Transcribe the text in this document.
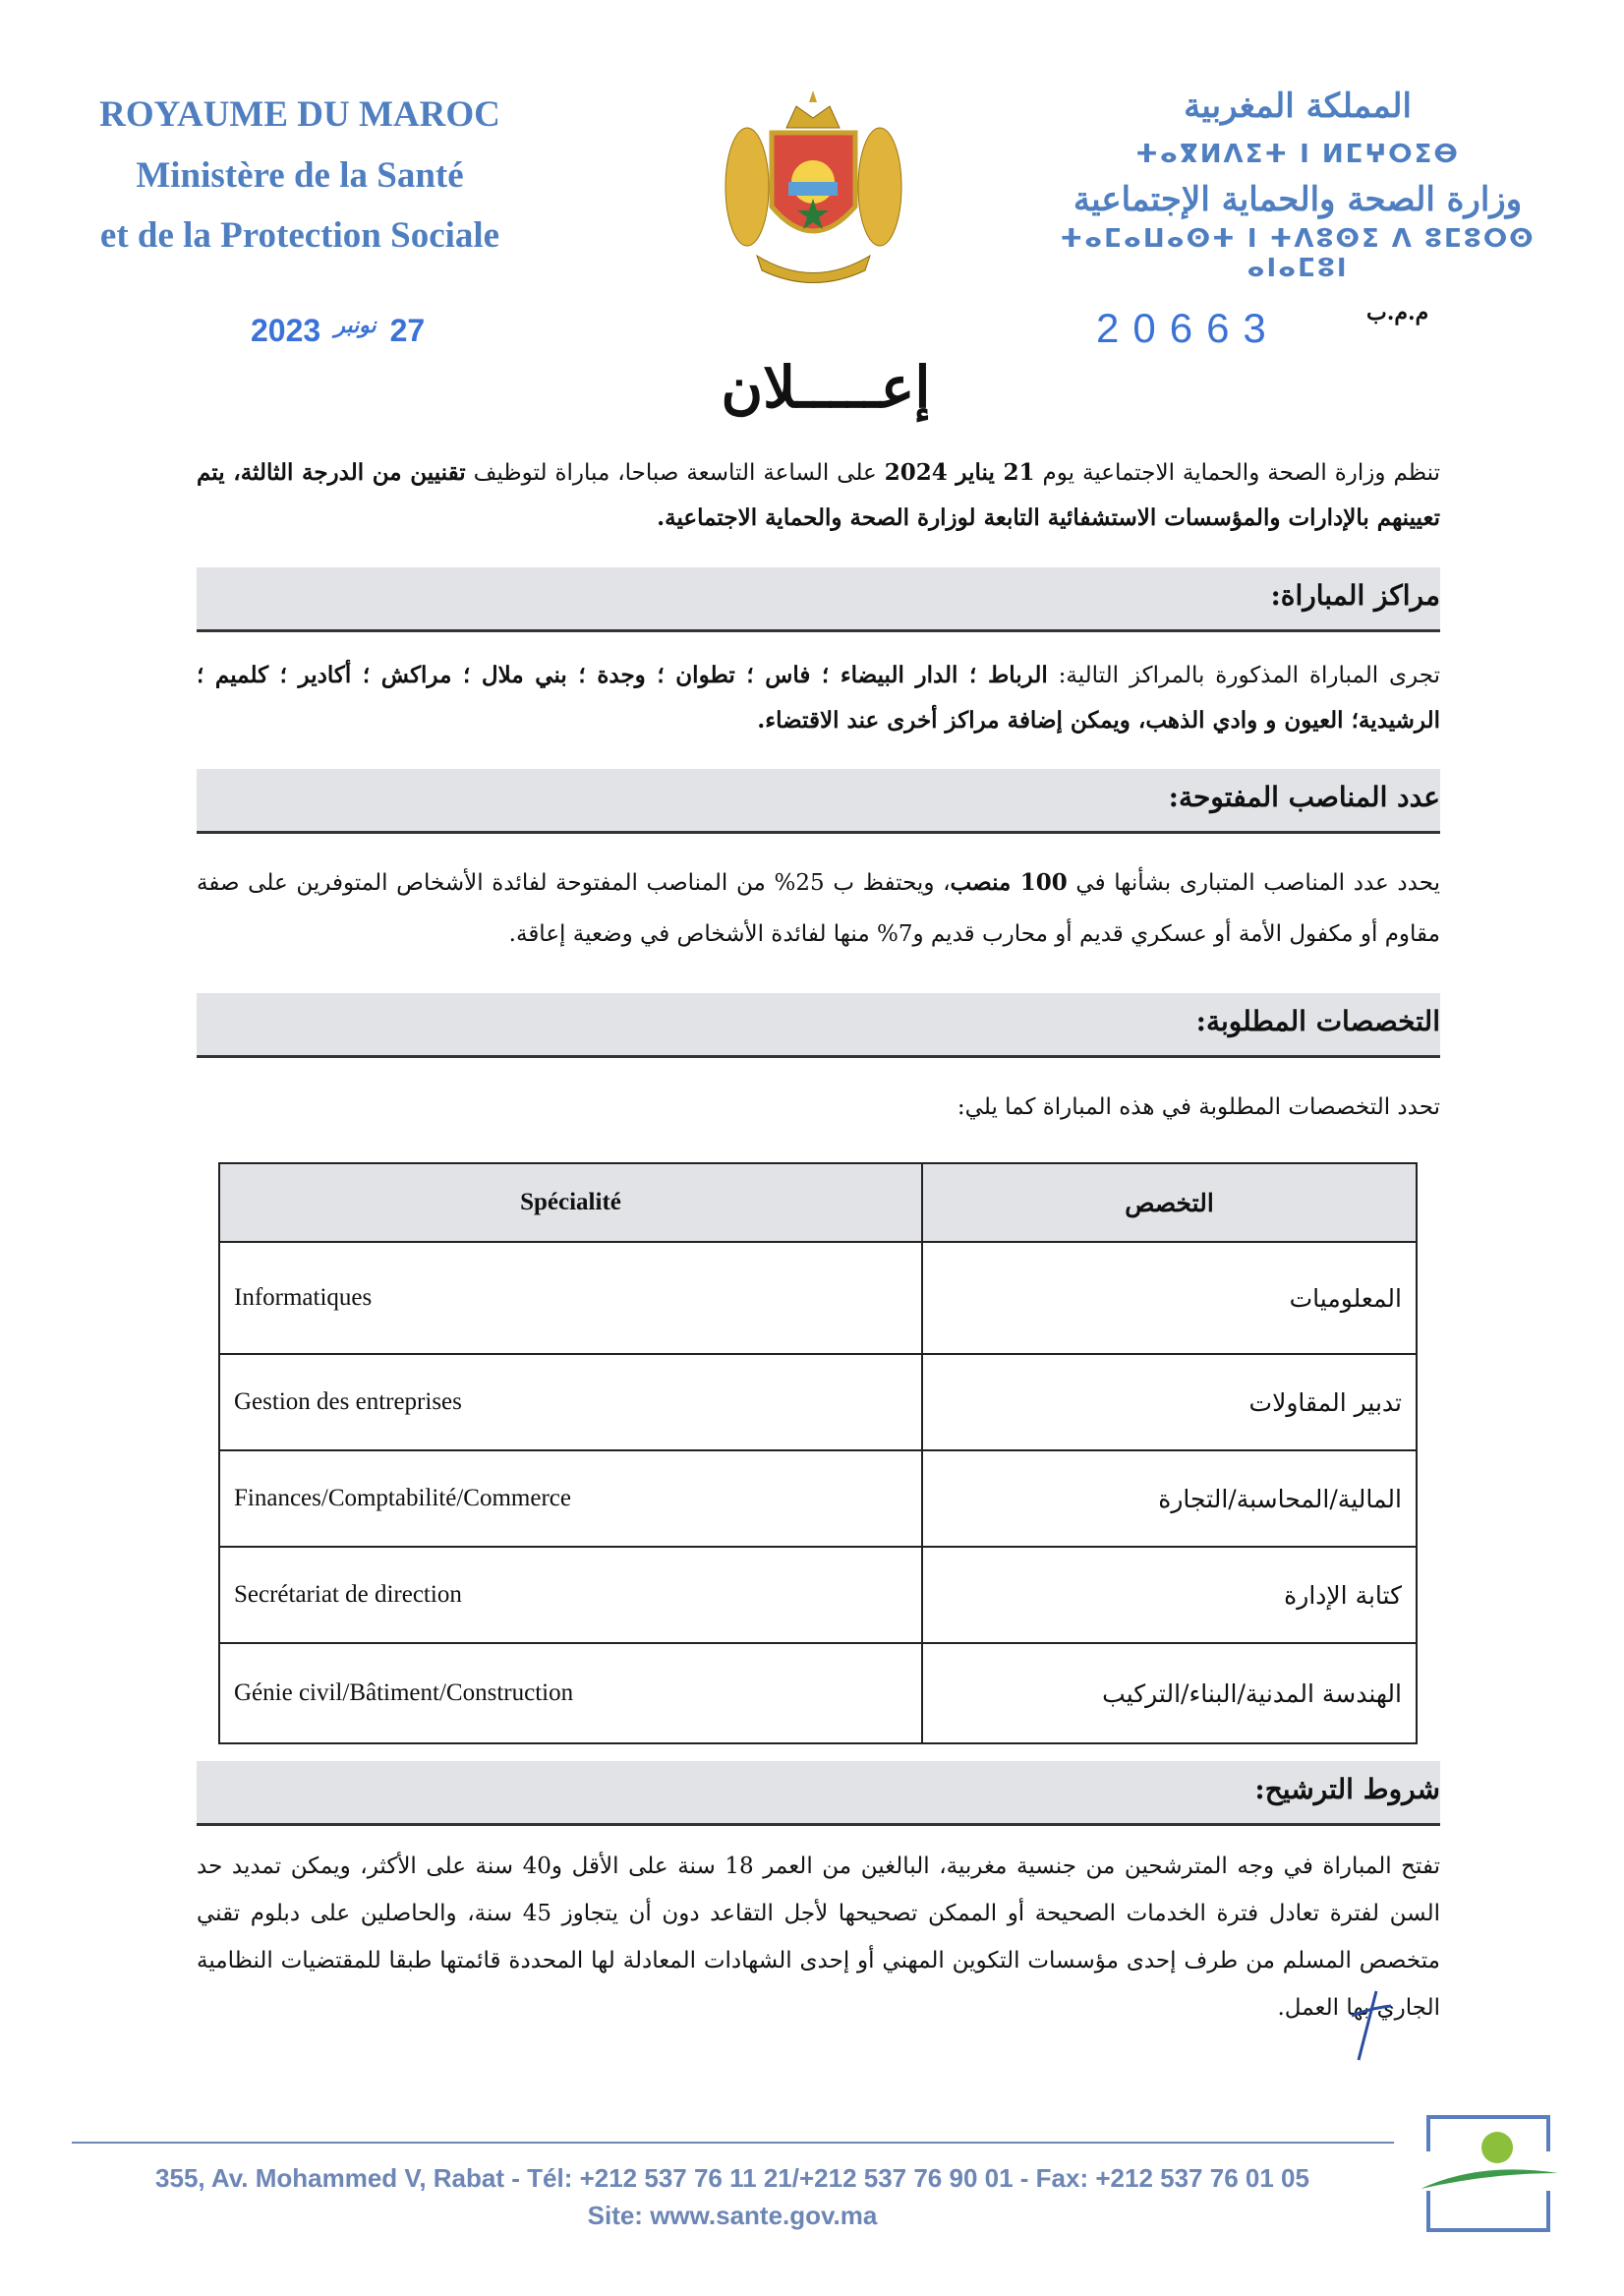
ROYAUME DU MAROC
Ministère de la Santé
et de la Protection Sociale
المملكة المغربية
ⵜⴰⴳⵍⴷⵉⵜ ⵏ ⵍⵎⵖⵔⵉⴱ
وزارة الصحة والحماية الإجتماعية
ⵜⴰⵎⴰⵡⴰⵙⵜ ⵏ ⵜⴷⵓⵙⵉ ⴷ ⵓⵎⵓⵔⵙ ⴰⵏⴰⵎⵓⵏ
2023 نونبر 27	20663	م.م.ب
إعـــــلان
تنظم وزارة الصحة والحماية الاجتماعية يوم 21 يناير 2024 على الساعة التاسعة صباحا، مباراة لتوظيف تقنيين من الدرجة الثالثة، يتم تعيينهم بالإدارات والمؤسسات الاستشفائية التابعة لوزارة الصحة والحماية الاجتماعية.
مراكز المباراة:
تجرى المباراة المذكورة بالمراكز التالية: الرباط ؛ الدار البيضاء ؛ فاس ؛ تطوان ؛ وجدة ؛ بني ملال ؛ مراكش ؛ أكادير ؛ كلميم ؛ الرشيدية؛ العيون و وادي الذهب، ويمكن إضافة مراكز أخرى عند الاقتضاء.
عدد المناصب المفتوحة:
يحدد عدد المناصب المتبارى بشأنها في 100 منصب، ويحتفظ ب 25% من المناصب المفتوحة لفائدة الأشخاص المتوفرين على صفة مقاوم أو مكفول الأمة أو عسكري قديم أو محارب قديم و7% منها لفائدة الأشخاص في وضعية إعاقة.
التخصصات المطلوبة:
تحدد التخصصات المطلوبة في هذه المباراة كما يلي:
Spécialité	التخصص
Informatiques	المعلوميات
Gestion des entreprises	تدبير المقاولات
Finances/Comptabilité/Commerce	المالية/المحاسبة/التجارة
Secrétariat de direction	كتابة الإدارة
Génie civil/Bâtiment/Construction	الهندسة المدنية/البناء/التركيب
شروط الترشيح:
تفتح المباراة في وجه المترشحين من جنسية مغربية، البالغين من العمر 18 سنة على الأقل و40 سنة على الأكثر، ويمكن تمديد حد السن لفترة تعادل فترة الخدمات الصحيحة أو الممكن تصحيحها لأجل التقاعد دون أن يتجاوز 45 سنة، والحاصلين على دبلوم تقني متخصص المسلم من طرف إحدى مؤسسات التكوين المهني أو إحدى الشهادات المعادلة لها المحددة قائمتها طبقا للمقتضيات النظامية الجاري بها العمل.
355, Av. Mohammed V, Rabat - Tél: +212 537 76 11 21/+212 537 76 90 01 - Fax: +212 537 76 01 05
Site: www.sante.gov.ma
